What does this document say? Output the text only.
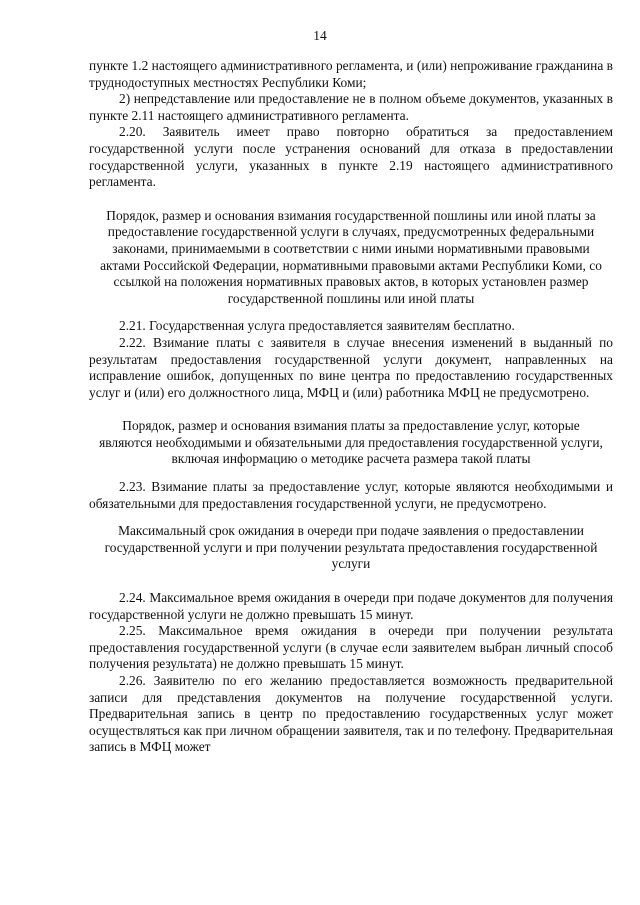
14

пункте 1.2 настоящего административного регламента, и (или) непроживание гражданина в труднодоступных местностях Республики Коми;

2) непредставление или предоставление не в полном объеме документов, указанных в пункте 2.11 настоящего административного регламента.

2.20. Заявитель имеет право повторно обратиться за предоставлением государственной услуги после устранения оснований для отказа в предоставлении государственной услуги, указанных в пункте 2.19 настоящего административного регламента.

Порядок, размер и основания взимания государственной пошлины или иной платы за предоставление государственной услуги в случаях, предусмотренных федеральными законами, принимаемыми в соответствии с ними иными нормативными правовыми актами Российской Федерации, нормативными правовыми актами Республики Коми, со ссылкой на положения нормативных правовых актов, в которых установлен размер государственной пошлины или иной платы

2.21. Государственная услуга предоставляется заявителям бесплатно.

2.22. Взимание платы с заявителя в случае внесения изменений в выданный по результатам предоставления государственной услуги документ, направленных на исправление ошибок, допущенных по вине центра по предоставлению государственных услуг и (или) его должностного лица, МФЦ и (или) работника МФЦ не предусмотрено.

Порядок, размер и основания взимания платы за предоставление услуг, которые являются необходимыми и обязательными для предоставления государственной услуги, включая информацию о методике расчета размера такой платы

2.23. Взимание платы за предоставление услуг, которые являются необходимыми и обязательными для предоставления государственной услуги, не предусмотрено.

Максимальный срок ожидания в очереди при подаче заявления о предоставлении государственной услуги и при получении результата предоставления государственной услуги

2.24. Максимальное время ожидания в очереди при подаче документов для получения государственной услуги не должно превышать 15 минут.

2.25. Максимальное время ожидания в очереди при получении результата предоставления государственной услуги (в случае если заявителем выбран личный способ получения результата) не должно превышать 15 минут.

2.26. Заявителю по его желанию предоставляется возможность предварительной записи для представления документов на получение государственной услуги. Предварительная запись в центр по предоставлению государственных услуг может осуществляться как при личном обращении заявителя, так и по телефону. Предварительная запись в МФЦ может
